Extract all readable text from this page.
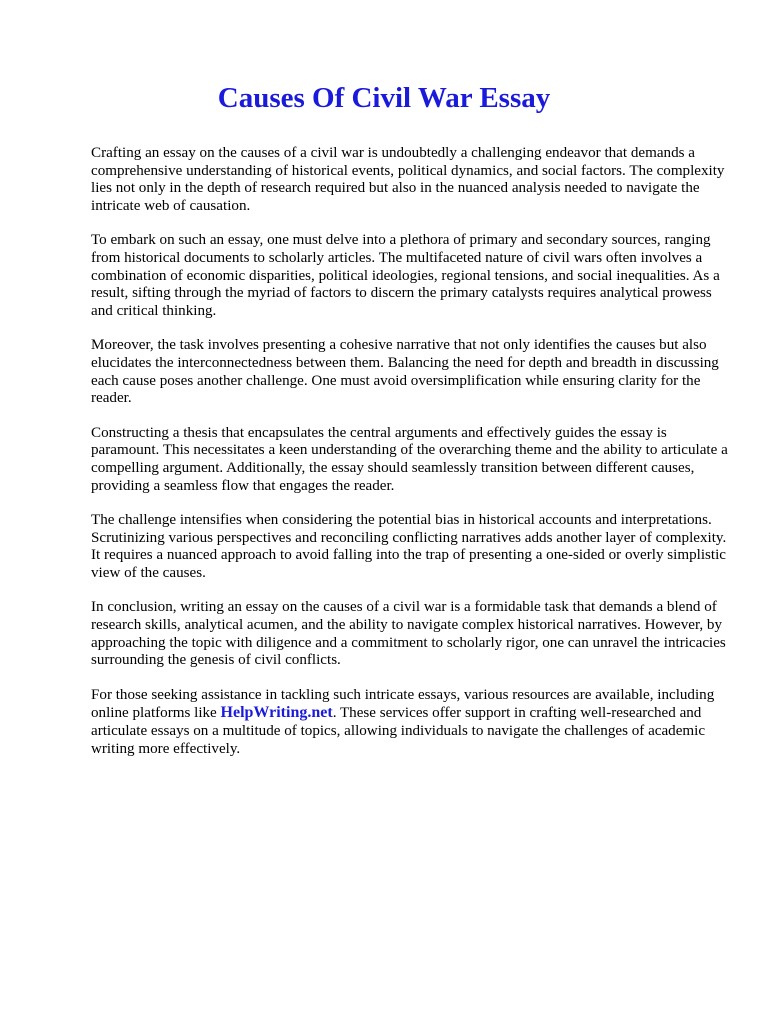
Causes Of Civil War Essay

Crafting an essay on the causes of a civil war is undoubtedly a challenging endeavor that demands a comprehensive understanding of historical events, political dynamics, and social factors. The complexity lies not only in the depth of research required but also in the nuanced analysis needed to navigate the intricate web of causation.

To embark on such an essay, one must delve into a plethora of primary and secondary sources, ranging from historical documents to scholarly articles. The multifaceted nature of civil wars often involves a combination of economic disparities, political ideologies, regional tensions, and social inequalities. As a result, sifting through the myriad of factors to discern the primary catalysts requires analytical prowess and critical thinking.

Moreover, the task involves presenting a cohesive narrative that not only identifies the causes but also elucidates the interconnectedness between them. Balancing the need for depth and breadth in discussing each cause poses another challenge. One must avoid oversimplification while ensuring clarity for the reader.

Constructing a thesis that encapsulates the central arguments and effectively guides the essay is paramount. This necessitates a keen understanding of the overarching theme and the ability to articulate a compelling argument. Additionally, the essay should seamlessly transition between different causes, providing a seamless flow that engages the reader.

The challenge intensifies when considering the potential bias in historical accounts and interpretations. Scrutinizing various perspectives and reconciling conflicting narratives adds another layer of complexity. It requires a nuanced approach to avoid falling into the trap of presenting a one-sided or overly simplistic view of the causes.

In conclusion, writing an essay on the causes of a civil war is a formidable task that demands a blend of research skills, analytical acumen, and the ability to navigate complex historical narratives. However, by approaching the topic with diligence and a commitment to scholarly rigor, one can unravel the intricacies surrounding the genesis of civil conflicts.

For those seeking assistance in tackling such intricate essays, various resources are available, including online platforms like HelpWriting.net. These services offer support in crafting well-researched and articulate essays on a multitude of topics, allowing individuals to navigate the challenges of academic writing more effectively.
